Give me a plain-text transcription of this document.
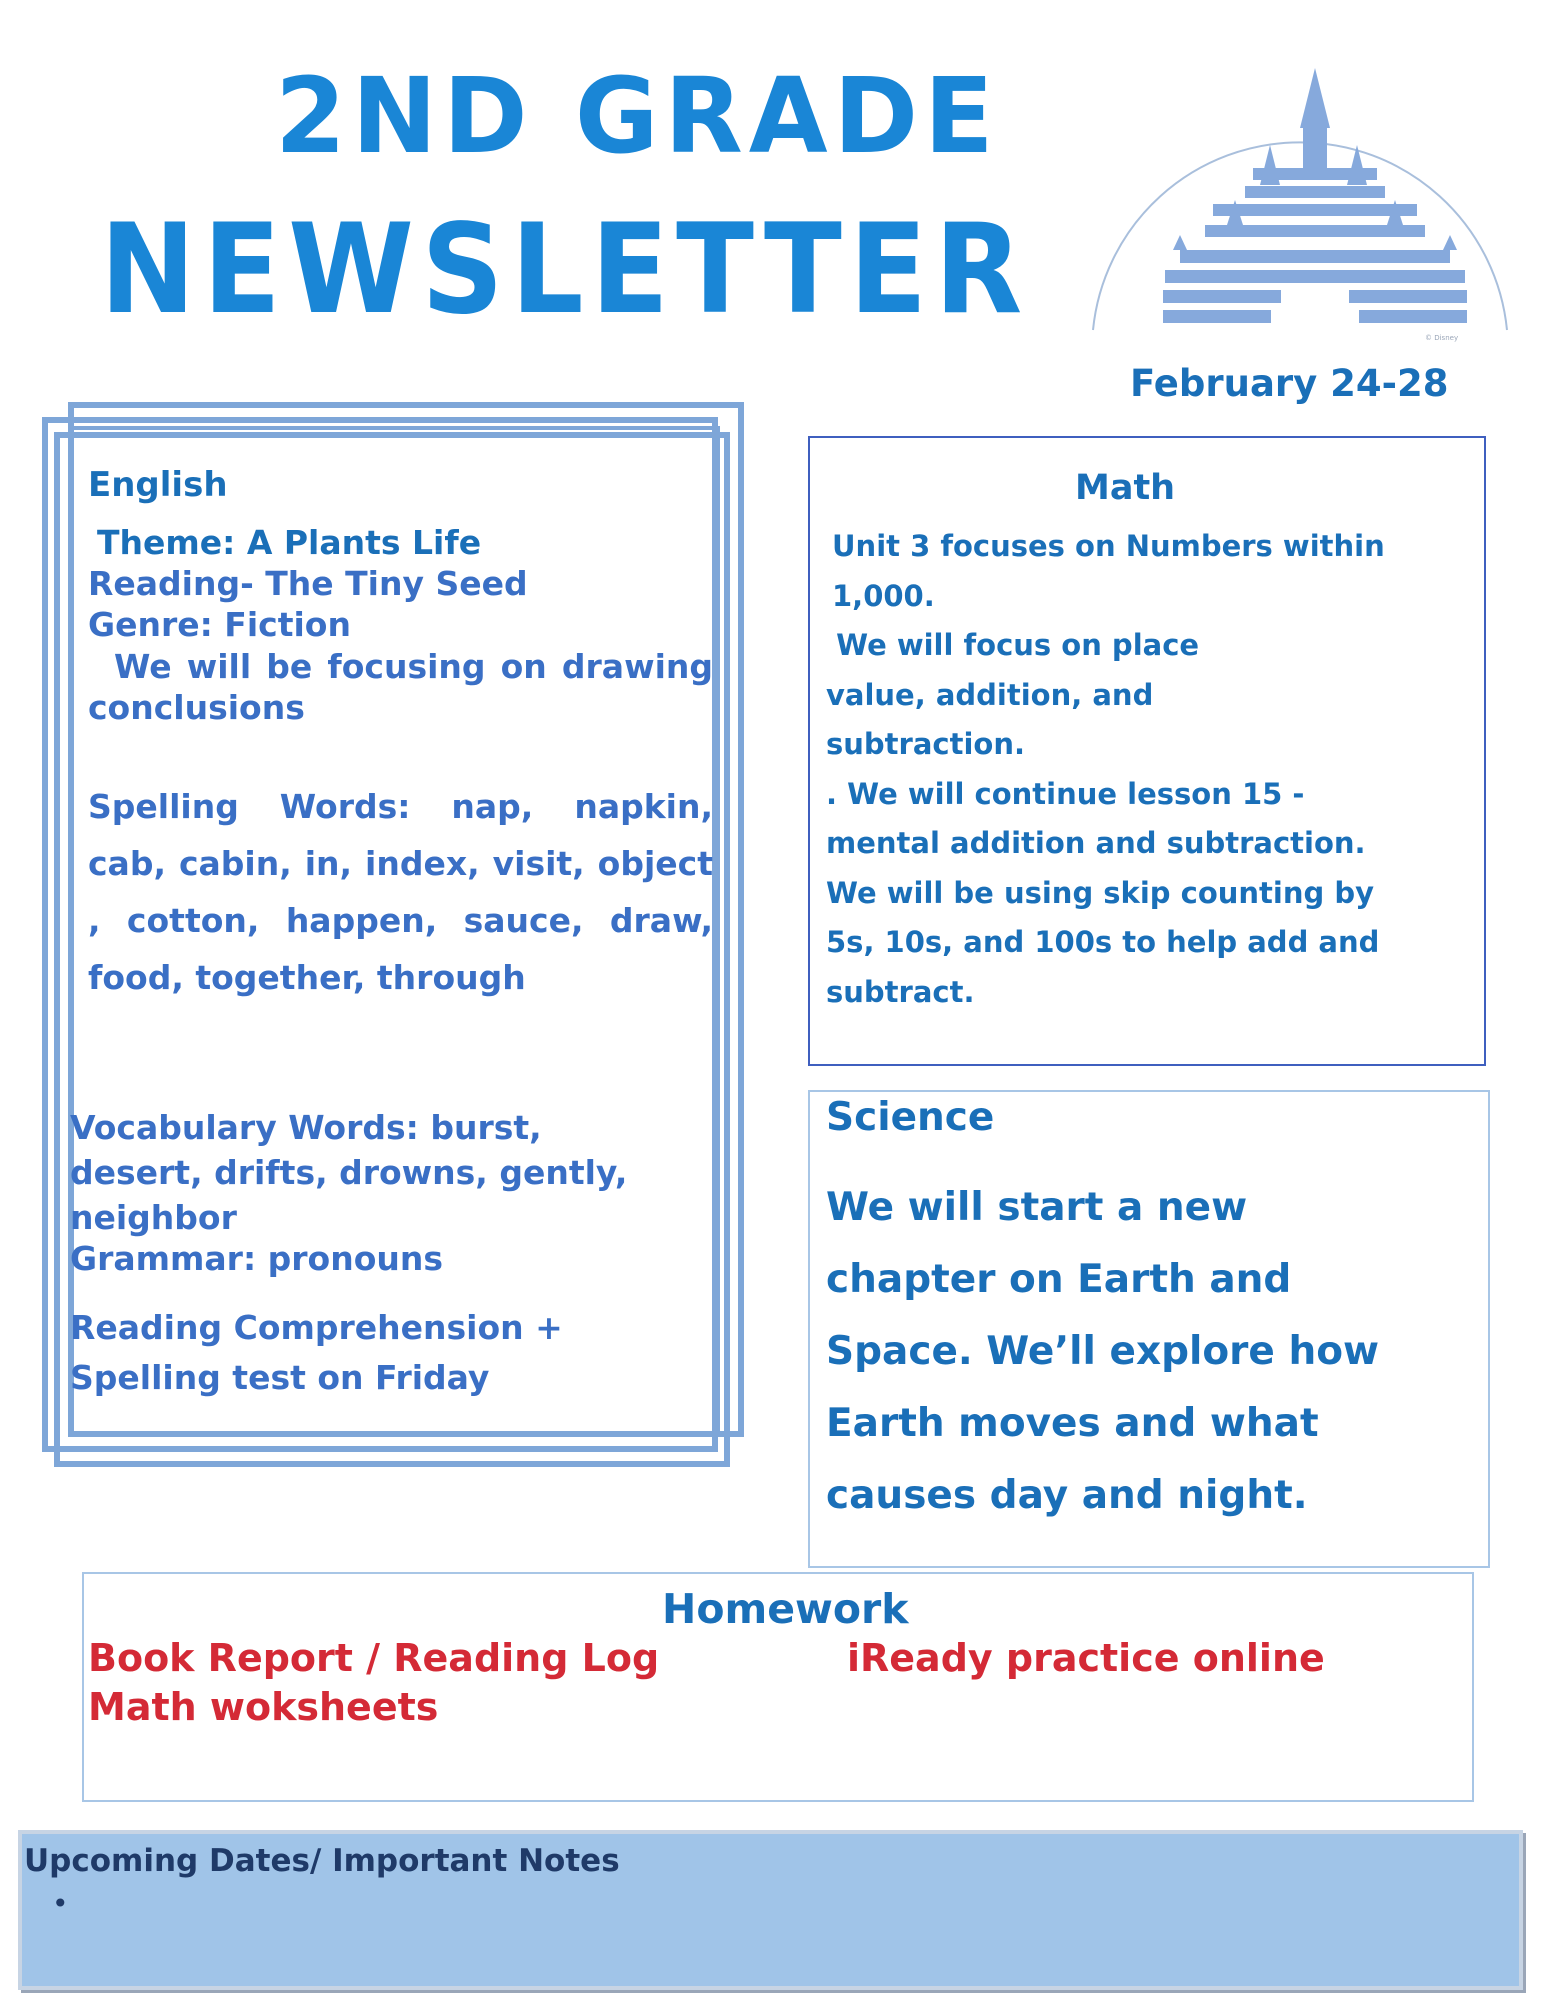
2ND GRADE
NEWSLETTER	© Disney
February 24-28
English
Theme: A Plants Life
Reading- The Tiny Seed
Genre: Fiction
We will be focusing on drawing conclusions
Spelling Words: nap, napkin, cab, cabin, in, index, visit, object , cotton, happen, sauce, draw, food, together, through
Vocabulary Words: burst, desert, drifts, drowns, gently, neighbor
Grammar: pronouns
Reading Comprehension + Spelling test on Friday
Math
Unit 3 focuses on Numbers within 1,000.
We will focus on place value, addition, and subtraction.
. We will continue lesson 15 - mental addition and subtraction. We will be using skip counting by 5s, 10s, and 100s to help add and subtract.
Science
We will start a new chapter on Earth and Space. We’ll explore how Earth moves and what causes day and night.
Homework
Book Report / Reading Log	iReady practice online
Math woksheets
Upcoming Dates/ Important Notes
•
